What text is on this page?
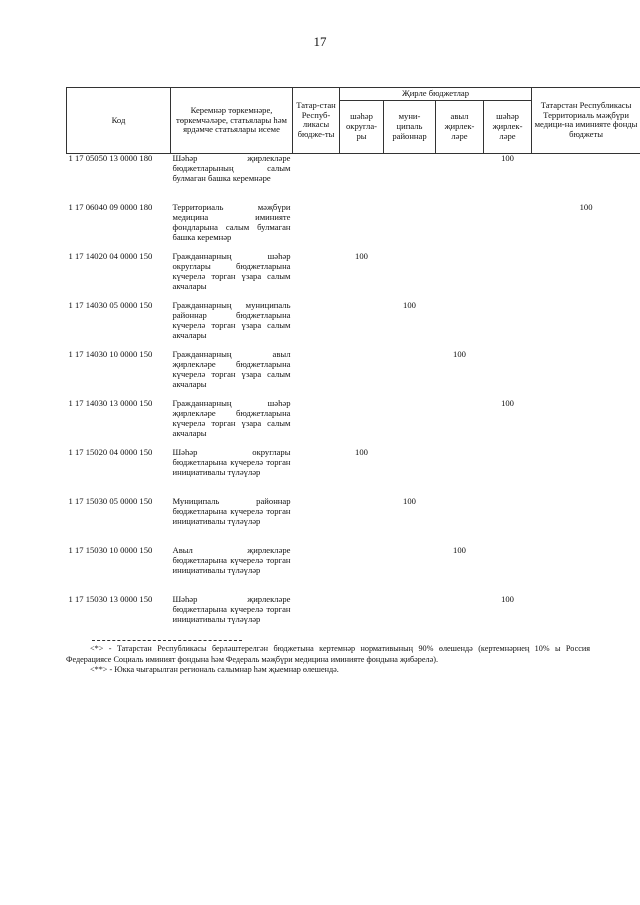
17
Код	Керемнәр төркемнәре, төркемчәләре, статьялары һәм ярдәмче статьялары исеме	Татар-стан Респуб-ликасы бюдже-ты	Җирле бюджетлар				Татарстан Республикасы Территориаль мәҗбүри медици-на иминияте фонды бюджеты
			шәһәр округла-ры	муни-ципаль районнар	авыл җирлек-ләре	шәһәр җирлек-ләре	
1 17 05050 13 0000 180	Шәһәр җирлекләре бюджетларының салым булмаган башка керемнәре					100	
1 17 06040 09 0000 180	Территориаль мәҗбүри медицина иминияте фондларына салым булмаган башка керемнәр						100
1 17 14020 04 0000 150	Гражданнарның шәһәр округлары бюджетларына күчерелә торган үзара салым акчалары		100				
1 17 14030 05 0000 150	Гражданнарның муниципаль районнар бюджетларына күчерелә торган үзара салым акчалары			100			
1 17 14030 10 0000 150	Гражданнарның авыл җирлекләре бюджетларына күчерелә торган үзара салым акчалары				100		
1 17 14030 13 0000 150	Гражданнарның шәһәр җирлекләре бюджетларына күчерелә торган үзара салым акчалары					100	
1 17 15020 04 0000 150	Шәһәр округлары бюджетларына күчерелә торган инициативалы түләүләр		100				
1 17 15030 05 0000 150	Муниципаль районнар бюджетларына күчерелә торган инициативалы түләүләр			100			
1 17 15030 10 0000 150	Авыл җирлекләре бюджетларына күчерелә торган инициативалы түләүләр				100		
1 17 15030 13 0000 150	Шәһәр җирлекләре бюджетларына күчерелә торган инициативалы түләүләр					100	

<*> - Татарстан Республикасы берләштерелгән бюджетына кертемнәр нормативының 90% өлешендә (кертемнәрнең 10% ы Россия Федерациясе Социаль иминият фондына һәм Федераль мәҗбүри медицина иминияте фондына җибәрелә).

<**> - Юкка чыгарылган региональ салымнар һәм җыемнар өлешендә.
